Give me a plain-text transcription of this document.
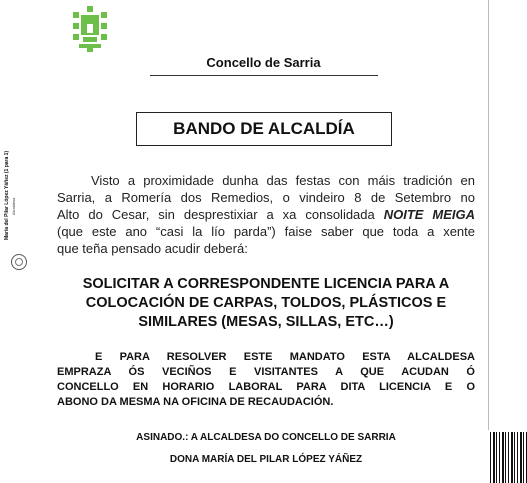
Concello de Sarria
María del Pilar López Yáñez (1 para 1) Alcaldesa
BANDO DE ALCALDÍA
Visto a proximidade dunha das festas con máis tradición en
Sarria, a Romería dos Remedios, o vindeiro 8 de Setembro no
Alto do Cesar, sin desprestixiar a xa consolidada NOITE MEIGA
(que este ano “casi la lío parda”) faise saber que toda a xente
que teña pensado acudir deberá:
SOLICITAR A CORRESPONDENTE LICENCIA PARA A
COLOCACIÓN DE CARPAS, TOLDOS, PLÁSTICOS E
SIMILARES (MESAS, SILLAS, ETC…)
E PARA RESOLVER ESTE MANDATO ESTA ALCALDESA
EMPRAZA ÓS VECIÑOS E VISITANTES A QUE ACUDAN Ó
CONCELLO EN HORARIO LABORAL PARA DITA LICENCIA E O
ABONO DA MESMA NA OFICINA DE RECAUDACIÓN.
ASINADO.: A ALCALDESA DO CONCELLO DE SARRIA
DONA MARÍA DEL PILAR LÓPEZ YÁÑEZ
